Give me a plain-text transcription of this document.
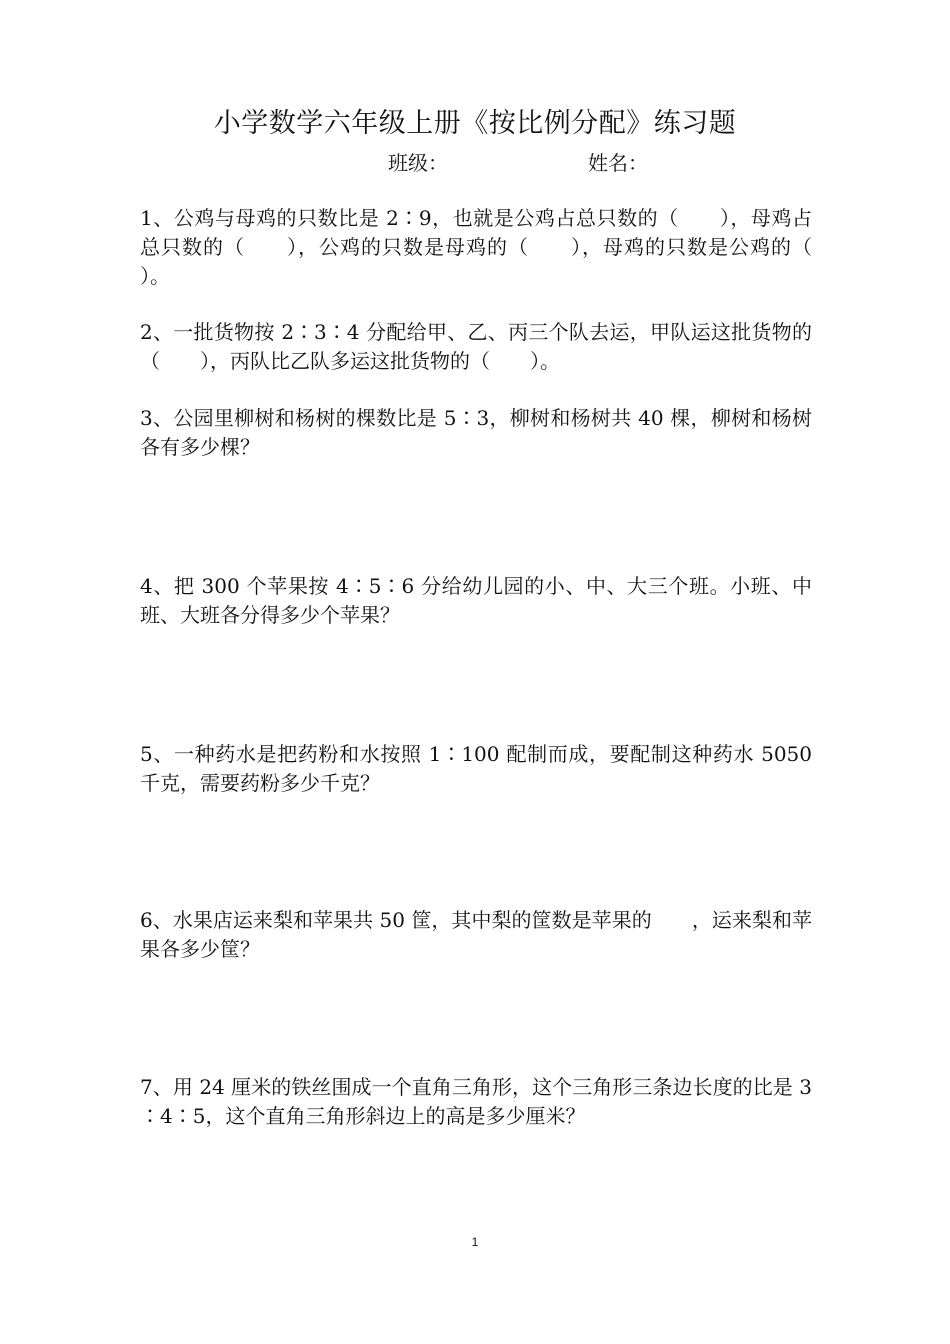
小学数学六年级上册《按比例分配》练习题
班级：	姓名：
1、公鸡与母鸡的只数比是 2∶9，也就是公鸡占总只数的（　　），母鸡占总只数的（　　），公鸡的只数是母鸡的（　　），母鸡的只数是公鸡的（　　）。
2、一批货物按 2∶3∶4 分配给甲、乙、丙三个队去运，甲队运这批货物的（　　），丙队比乙队多运这批货物的（　　）。
3、公园里柳树和杨树的棵数比是 5∶3，柳树和杨树共 40 棵，柳树和杨树各有多少棵？
4、把 300 个苹果按 4∶5∶6 分给幼儿园的小、中、大三个班。小班、中班、大班各分得多少个苹果？
5、一种药水是把药粉和水按照 1∶100 配制而成，要配制这种药水 5050 千克，需要药粉多少千克？
6、水果店运来梨和苹果共 50 筐，其中梨的筐数是苹果的　　，运来梨和苹果各多少筐？
7、用 24 厘米的铁丝围成一个直角三角形，这个三角形三条边长度的比是 3∶4∶5，这个直角三角形斜边上的高是多少厘米？
1
